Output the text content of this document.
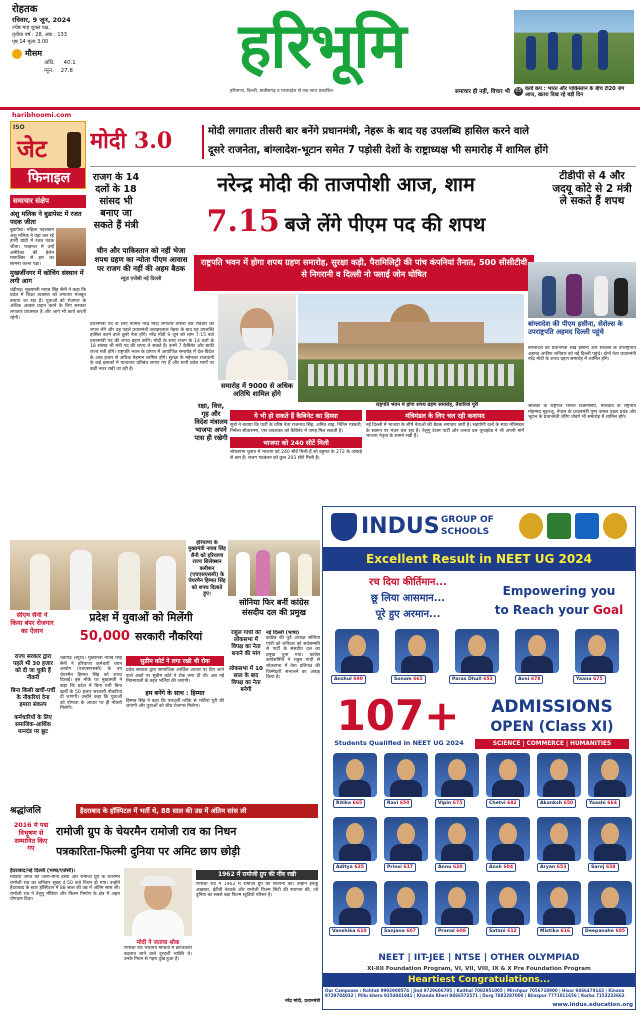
रोहतक
रविवार, 9 जून, 2024
ज्येष्ठ माह शुक्ल पक्ष,
तृतीया वर्ष : 28, अंक : 133
पृष्ठ 14 मूल्य 3.00
मौसम
अधि. 40.1
न्यून. 27.8	हरिभूमि
हरियाणा, दिल्ली, छत्तीसगढ़ व मध्यप्रदेश से एक साथ प्रकाशित	समाचार ही नहीं, विचार भी 05 वर्ल्ड कप : भारत और पाकिस्तान के बीच टी20 जंग आज, खतरा दिख रहे बड़ी दिन
haribhoomi.com
ISO
जेट
फिनाइल
मोदी 3.0	मोदी लगातार तीसरी बार बनेंगे प्रधानमंत्री, नेहरू के बाद यह उपलब्धि हासिल करने वाले
दूसरे राजनेता, बांग्लादेश-भूटान समेत 7 पड़ोसी देशों के राष्ट्राध्यक्ष भी समारोह में शामिल होंगे
समाचार संक्षेप
अंशु मलिक ने बुडापेस्ट में रजत पदक जीता
बुडापेस्ट। महिला पहलवान अंशु मलिक ने यहां चल रहे हंगरी ग्रांप्री में रजत पदक जीता। फाइनल में उन्हें अमेरिका की हेलेन मारूलिस से हार का सामना करना पड़ा।
मुखर्जीनगर में कोचिंग संस्थान में लगी आग
चंडीगढ़। मुख्यमंत्री नायब सिंह सैनी ने कहा कि प्रदेश में शिक्षा व्यवस्था को लगातार मजबूत बनाया जा रहा है। युवाओं को रोजगार के अधिक अवसर प्रदान करने के लिए सरकार लगातार प्रयासरत है और आगे भी कार्य करती रहेगी।
राजग के 14 दलों के 18 सांसद भी बनाए जा सकते हैं मंत्री
नरेन्द्र मोदी की ताजपोशी आज, शाम
7.15 बजे लेंगे पीएम पद की शपथ
टीडीपी से 4 और जदयू कोटे से 2 मंत्री ले सकते हैं शपथ
राष्ट्रपति भवन में होगा शपथ ग्रहण समारोह, सुरक्षा कड़ी, पैरामिलिट्री की पांच कंपनियां तैनात, 500 सीसीटीवी से निगरानी व दिल्ली नो फ्लाई जोन घोषित
चीन और पाकिस्तान को नहीं भेजा शपथ ग्रहण का न्योता पीएम आवास पर राजग की नहीं की अहम बैठक
न्यूज़ एजेंसी नई दिल्ली
प्रधानमंत्री पद के लिए नामित नरेंद्र मोदी लगातार तीसरी बार रविवार को शपथ लेंगे और वह पहले प्रधानमंत्री जवाहरलाल नेहरू के बाद यह उपलब्धि हासिल करने वाले दूसरे नेता होंगे। नरेंद्र मोदी 9 जून को शाम 7:15 बजे प्रधानमंत्री पद की शपथ ग्रहण करेंगे। मोदी के साथ राजग के 14 दलों के 18 सांसद भी मंत्री पद की शपथ ले सकते हैं। इनमें 7 कैबिनेट और बाकी राज्य मंत्री होंगे। राष्ट्रपति भवन के प्रांगण में आयोजित समारोह में देश-विदेश के आठ हजार से अधिक मेहमान शामिल होंगे। सुरक्षा के मद्देनजर राजधानी के कई इलाकों में यातायात प्रतिबंध लगाए गए हैं और सभी प्रवेश मार्गों पर कड़ी नजर रखी जा रही है।
राष्ट्रपति भवन में होगा शपथ ग्रहण समारोह, तैयारियां पूरी
समारोह में 9000 से अधिक अतिथि शामिल होंगे
रक्षा, वित्त, गृह और विदेश मंत्रालय भाजपा अपने पास ही रखेगी
ये भी हो सकते हैं कैबिनेट का हिस्सा
सूत्रों ने बताया कि पार्टी के वरिष्ठ नेता राजनाथ सिंह, अमित शाह, नितिन गडकरी, निर्मला सीतारमण, एस जयशंकर को कैबिनेट में जगह मिल सकती है।
भाजपा को 240 सीटें मिली
लोकसभा चुनाव में भाजपा को 240 सीटें मिली हैं जो बहुमत के 272 के आंकड़े से कम हैं। राजग गठबंधन को कुल 293 सीटें मिली हैं।
मंत्रिमंडल के लिए चल रही कवायद
नई दिल्ली में भाजपा के शीर्ष नेताओं की बैठक लगातार जारी है। सहयोगी दलों के साथ मंत्रिमंडल के स्वरूप पर मंथन चल रहा है। तेलुगु देशम पार्टी और जनता दल यूनाइटेड ने भी अपनी मांगें भाजपा नेतृत्व के सामने रखी हैं।
बांग्लादेश की पीएम हसीना, सेशेल्स के उपराष्ट्रपति अहमद दिल्ली पहुंचे
बांग्लादेश की प्रधानमंत्री शेख हसीना और सेशेल्स के उपराष्ट्रपति अहमद अफीफ शनिवार को नई दिल्ली पहुंचे। दोनों नेता प्रधानमंत्री नरेंद्र मोदी के शपथ ग्रहण समारोह में शामिल होंगे।
श्रीलंका के राष्ट्रपति रानिल विक्रमसिंघे, मालदीव के राष्ट्रपति मोहम्मद मुइज्जू, नेपाल के प्रधानमंत्री पुष्प कमल दहल प्रचंड और भूटान के प्रधानमंत्री शेरिंग तोबगे भी समारोह में शामिल होंगे।
हरियाणा के मुख्यमंत्री नायब सिंह सैनी को हरियाणा राज्य सिलेक्शन कमीशन (एचएसएससी) के चेयरमैन हिम्मत सिंह को शपथ दिलाते हुए।
सीएम सैनी ने किया बंपर रोजगार का ऐलान
सोनिया फिर बनीं कांग्रेस संसदीय दल की प्रमुख
प्रदेश में युवाओं को मिलेंगी
50,000 सरकारी नौकरियां
राज्य सरकार द्वारा पहले भी 30 हजार को दी जा चुकी हैं नौकरी
बिना किसी खर्ची-पर्ची के नौकरियां देना हमारा संकल्प
कर्मचारियों के लिए समाजिक-आर्थिक मानदंड पर छूट
चंडीगढ़ (ब्यूरो)। मुख्यमंत्री नायब सिंह सैनी ने हरियाणा कर्मचारी चयन आयोग (एचएसएससी) के नए चेयरमैन हिम्मत सिंह को शपथ दिलाई। इस मौके पर मुख्यमंत्री ने कहा कि प्रदेश में बिना पर्ची बिना खर्ची के 50 हजार सरकारी नौकरियां दी जाएंगी। उन्होंने कहा कि युवाओं को योग्यता के आधार पर ही नौकरी मिलेगी।
सुप्रीम कोर्ट ने लगा रखी थी रोक
प्रदेश सरकार द्वारा सामाजिक आर्थिक आधार पर दिए जाने वाले अंकों पर सुप्रीम कोर्ट ने रोक लगा दी थी। अब नई नियमावली के तहत भर्तियां की जाएंगी।
हम बनेंगे के साथ : हिम्मत
हिम्मत सिंह ने कहा कि पारदर्शी तरीके से भर्तियां पूरी की जाएंगी और युवाओं को शीघ्र रोजगार मिलेगा।
राहुल गांधी को लोकसभा में विपक्ष का नेता बनाने की मांग
लोकसभा में 10 साल के बाद विपक्ष का नेता बनेगी
नई दिल्ली (भाषा)
कांग्रेस की पूर्व अध्यक्ष सोनिया गांधी को शनिवार को सर्वसम्मति से पार्टी के संसदीय दल का प्रमुख चुना गया। कांग्रेस कार्यसमिति ने राहुल गांधी से लोकसभा में नेता प्रतिपक्ष की जिम्मेदारी संभालने का आग्रह किया है।
श्रद्धांजलि	हैदराबाद के हॉस्पिटल में भर्ती थे, 88 साल की उम्र में अंतिम सांस ली
2016 में पद्म विभूषण से सम्मानित किए गए
रामोजी ग्रुप के चेयरमैन रामोजी राव का निधन
पत्रकारिता-फिल्मी दुनिया पर अमिट छाप छोड़ी
हैदराबाद/नई दिल्ली (भाषा/एजेंसी)।
मीडिया जगत की जानी-मानी हस्ती और रामोजी ग्रुप के चेयरमैन रामोजी राव का शनिवार सुबह 4:50 बजे निधन हो गया। उन्होंने हैदराबाद के स्टार हॉस्पिटल में 88 साल की उम्र में अंतिम सांस ली। रामोजी राव ने तेलुगु मीडिया और फिल्म निर्माण के क्षेत्र में अहम योगदान दिया।
मोदी ने जताया शोक
रामोजी राव भारतीय मीडिया में क्रांतिकारी बदलाव लाने वाले दूरदर्शी व्यक्ति थे। उनके निधन से गहरा दुख हुआ है।
नरेंद्र मोदी, प्रधानमंत्री
1962 में रामोजी ग्रुप की नींव रखी
रामोजी राव ने 1962 में रामोजी ग्रुप की स्थापना की। उन्होंने ईनाडु अखबार, ईटीवी नेटवर्क और रामोजी फिल्म सिटी की स्थापना की, जो दुनिया का सबसे बड़ा फिल्म स्टूडियो परिसर है।
INDUS GROUP OF
SCHOOLS
Excellent Result in NEET UG 2024
रच दिया कीर्तिमान...
छू लिया आसमान...
पूरे हुए अरमान...
Empowering you
to Reach your Goal
Anshul 690	Sonam 665	Paras Dhull 653	Avni 678	Yaana 675
107+
Students Qualified in NEET UG 2024
ADMISSIONS
OPEN (Class XI)
SCIENCE | COMMERCE | HUMANITIES
Ritika 665	Ravi 650	Vipin 675	Chetvi 682	Akanksh 650	Yaashi 664
Aditya 625	Prinsi 617	Annu 620	Ansh 604	Aryan 653	Saroj 658
Vanshika 610	Sanjana 607	Pranal 608	Satani 612	Mistika 616	Deepanshe 605
NEET | IIT-JEE | NTSE | OTHER OLYMPIAD
XI-XII Foundation Program, VI, VII, VIII, IX & X Pre Foundation Program
Heartiest Congratulations...
Our Campuses : Rohtak 9992900574 | Jind 9729606705 | Kaithal 7082951005 | Mirchpur 7056718900 | Hisar 9466479143 | Kinana 9729704032 | Pillu khera 9254041041 | Khanda Kheri 9466572571 | Durg 7882287000 | Bilaspur 7771011656 | Korba 7152232662
www.indus.education.org
